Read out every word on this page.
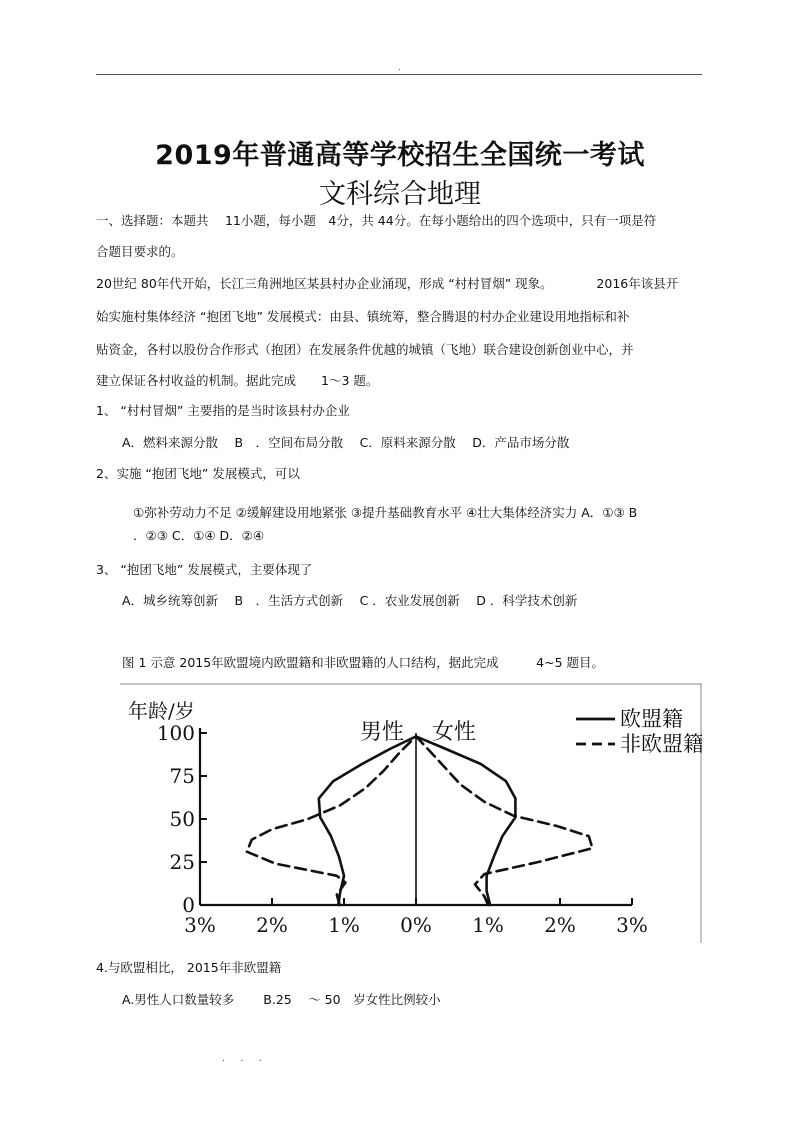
.
2019年普通高等学校招生全国统一考试
文科综合地理
一、选择题：本题共　 11小题，每小题　4分，共 44分。在每小题给出的四个选项中，只有一项是符
合题目要求的。
20世纪 80年代开始，长江三角洲地区某县村办企业涌现，形成 “村村冒烟” 现象。　　　　2016年该县开
始实施村集体经济 “抱团飞地” 发展模式：由县、镇统筹，整合腾退的村办企业建设用地指标和补
贴资金，各村以股份合作形式（抱团）在发展条件优越的城镇（飞地）联合建设创新创业中心，并
建立保证各村收益的机制。据此完成　　1～3 题。
1、 “村村冒烟” 主要指的是当时该县村办企业
A．燃料来源分散　 B　．空间布局分散　 C．原料来源分散　 D．产品市场分散
2、实施 “抱团飞地” 发展模式，可以
①弥补劳动力不足 ②缓解建设用地紧张 ③提升基础教育水平 ④壮大集体经济实力 A．①③ B
．②③ C．①④ D．②④
3、 “抱团飞地” 发展模式，主要体现了
A．城乡统筹创新　 B　．生活方式创新　 C ．农业发展创新　 D ．科学技术创新
图 1 示意 2015年欧盟境内欧盟籍和非欧盟籍的人口结构，据此完成　　　4~5 题目。
100
75
50
25
0
3% 2% 1% 0% 1% 2% 3%
年龄/岁
男性 女性
欧盟籍
非欧盟籍
4.与欧盟相比， 2015年非欧盟籍
A.男性人口数量较多　　 B.25　 ～ 50　岁女性比例较小
. . .
